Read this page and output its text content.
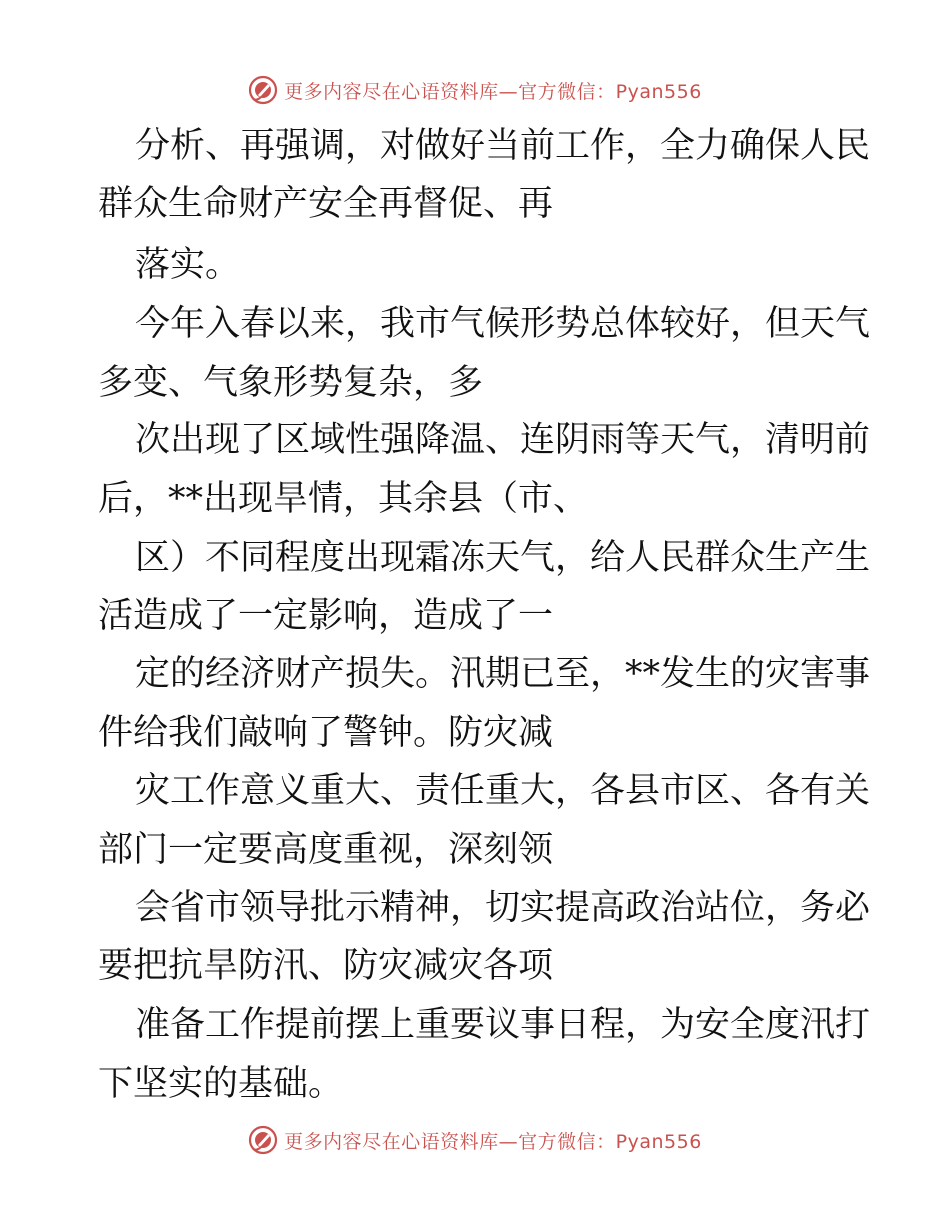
更多内容尽在心语资料库—官方微信：Pyan556
分析、再强调，对做好当前工作，全力确保人民
群众生命财产安全再督促、再
落实。
今年入春以来，我市气候形势总体较好，但天气
多变、气象形势复杂，多
次出现了区域性强降温、连阴雨等天气，清明前
后，**出现旱情，其余县（市、
区）不同程度出现霜冻天气，给人民群众生产生
活造成了一定影响，造成了一
定的经济财产损失。汛期已至，**发生的灾害事
件给我们敲响了警钟。防灾减
灾工作意义重大、责任重大，各县市区、各有关
部门一定要高度重视，深刻领
会省市领导批示精神，切实提高政治站位，务必
要把抗旱防汛、防灾减灾各项
准备工作提前摆上重要议事日程，为安全度汛打
下坚实的基础。
更多内容尽在心语资料库—官方微信：Pyan556
